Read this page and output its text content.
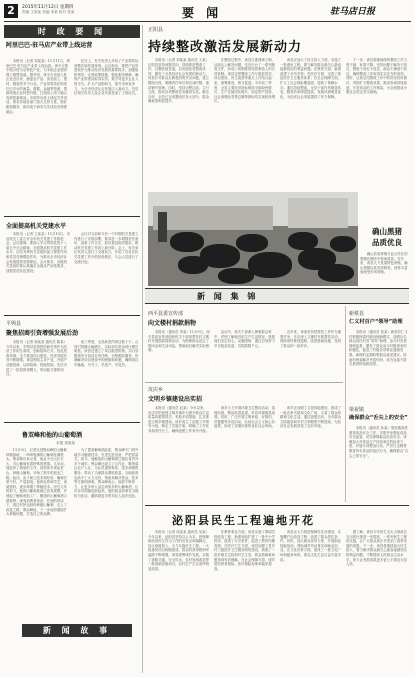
2	2015年11月12日 星期四
责编 王某某 美编 李某 校对 张某	要 闻	驻马店日报
时 政 要 闻
阿里巴巴·驻马店产业带上线运营
　　本报讯（记者 刘某某）11月11日，阿里巴巴·驻马店产业带上线运营。该平台集中展示驻马店特色产业，为本地企业提供网上销售渠道。据介绍，该平台首批入驻企业近百家，涵盖农产品、食品加工、建材、服装等多个行业。产业带将依托阿里巴巴平台的流量、数据、金融等资源，帮助传统企业转型升级，打造线上线下融合发展的新格局。市领导出席上线仪式并讲话，要求各地各部门加大支持力度，做好配套服务，推动电子商务与实体经济深度融合。
　　仪式上，有关负责人介绍了产业带的运营模式和发展规划。会议指出，要把产业带建设作为推动经济发展的重要抓手，加强组织领导，完善政策措施，强化服务保障，确保产业带建设取得实效。要引导更多企业入驻平台，扩大产品影响力，提升市场竞争力，为全市经济社会发展注入新动力。各县区相关负责人及企业代表参加了上线仪式。
全面提高机关党建水平
　　本报讯（记者 王某某）11月10日，市直机关工委召开全市机关党建工作推进会。会议强调，要深入学习贯彻党的十八届五中全会精神，全面提高机关党建工作水平，切实发挥机关党组织战斗堡垒作用和党员先锋模范作用，为推动全市经济社会发展提供坚强保证。会议要求，各级机关党组织要认真落实全面从严治党要求，加强党员队伍建设。
　　会议对当前和今后一个时期机关党建工作进行了安排部署，要求进一步增强责任意识，创新工作方法，抓好基层组织建设，推动机关党建工作再上新台阶。会上，有关单位负责人进行了交流发言，介绍了各自在机关党建工作中的经验做法，与会人员进行了交流讨论。
平舆县
聚焦招商引资增强发展后劲
　　本报讯（记者 杨某某 通讯员 陈某）今年以来，平舆县坚持把招商引资作为经济工作的生命线，创新招商方式，优化投资环境，全力推进项目建设，经济发展后劲不断增强。该县围绕主导产业，开展产业链招商、以商招商、驻地招商，先后引进了一批投资规模大、带动能力强的项目。
　　前三季度，全县新签约项目数十个，合同引资额大幅增长，实际到位资金同比增长明显。该县还建立了项目推进机制，实行县级领导分包项目责任制，全程跟踪服务，协调解决项目建设中的困难和问题，确保项目早落地、早开工、早投产、早见效。
鲁双峰和他的山葡萄酒
本报 刘某某
　　11月9日，记者走进鲁双峰的山葡萄种植基地，一串串饱满的山葡萄挂满枝头。鲁双峰告诉记者，他从小在山区长大，对山葡萄有着特殊的感情。几年前，他放弃了城里的工作，回到家乡承包荒山，种植山葡萄，开始了艰辛的创业之路。起初，由于缺乏技术和经验，葡萄长势不好，产量很低。他四处拜师学艺，查阅资料，逐步掌握了种植技术。经过几年的努力，他的山葡萄基地已初具规模，并建起了葡萄酒加工厂，酿造的山葡萄酒口感独特，深受消费者喜爱。在他的带动下，周边村民也纷纷种植山葡萄，走上了致富之路。鲁双峰说，下一步他将继续扩大种植规模，打造自己的品牌。
　　为了提高葡萄酒品质，鲁双峰专门到外地学习酿酒技术，引进先进设备，严把质量关。如今，他酿造的山葡萄酒已销往省内外多个城市。鲁双峰还成立了合作社，吸纳周边农户入社，为社员提供种苗、技术和销售服务，带动了当地群众增收致富。当地政府也给予了大力支持，帮助其解决资金、技术等方面的困难。鲁双峰表示，他将不断努力，让更多的人品尝到家乡的山葡萄酒，让乡亲们的腰包鼓起来。他的创业故事在当地传为佳话，激励着更多的年轻人返乡创业。
新 闻 故 事
正阳县
持续整改激活发展新动力
　　本报讯（记者 刘某某 通讯员 王某）正阳县坚持问题导向，持续推进整改工作，以整改促发展，以发展检验整改成效，激发了全县经济社会发展的新活力。该县针对群众反映强烈的突出问题，建立整改台账，明确责任单位和完成时限，逐项销号管理。同时，坚持边整边改、立行立改，推动各项整改任务落到实处。截至目前，全县已完成整改任务大部分，群众满意度明显提升。
　　在整改过程中，该县注重建章立制，从源头上解决问题，先后出台了一系列制度文件，形成了用制度管权管事管人的长效机制。该县还把整改工作与脱贫攻坚、项目建设、民生改善等重点工作结合起来，统筹推进，相互促进。今年前三季度，全县主要经济指标保持平稳较快增长，生产总值同比增长，固定资产投资、社会消费品零售总额等指标均实现较快增长。
　　该县还加大了民生投入力度，实施了一批惠民工程，着力解决群众最关心最直接最现实的利益问题。在教育方面，新建改建了多所学校；在医疗方面，完善了基层医疗卫生服务体系；在社会保障方面，扩大了社会保险覆盖面，提高了保障水平。通过持续整改，全县干部作风明显转变，服务效率明显提高，发展环境明显优化，为经济社会发展提供了有力保障。
　　下一步，该县将继续保持整改工作力度不减、标准不降，坚持问题不解决不放过、整改不到位不放过、群众不满意不放过，确保整改工作取得实实在在的成效。同时，认真总结整改工作中的好经验好做法，巩固扩大整改成果，推动形成持续改进、长效常治的工作格局，为全面建成小康社会奠定坚实基础。
确山黑猪
品质优良
　　确山县某养殖专业合作社的黑猪在圈舍中悠闲觅食。近年来，该县大力发展特色养殖，确山黑猪以其肉质鲜美、营养丰富而深受市场青睐。
新 闻 集 锦
西平县委宣传部
向文楼村捐款捐物
　　本报讯（通讯员 李某）11月9日，西平县委宣传部组织机关干部到帮扶村文楼村开展捐款捐物活动，为困难群众送去了慰问金和生活用品，帮助他们解决实际困难。
　　活动中，机关干部深入困难群众家中，详细了解他们的生产生活情况，鼓励他们坚定信心，克服困难，通过自身努力早日脱贫致富，共捐款数千元。
　　近年来，该部坚持把帮扶工作作为重要任务，多次深入文楼村开展帮扶活动，帮助该村修建道路、改善基础设施，受到了群众的一致好评。
新蔡县
仁义村百户“领导”助理
　　本报讯（通讯员 张某）新蔡县仁义村积极探索村级治理新模式，选聘百名群众担任村务“领导”助理，参与村务管理和监督，激发了群众参与村级事务的积极性，促进了村级各项事业健康发展。助理们定期收集群众意见建议，协助村两委解决矛盾纠纷，成为连接干群关系的桥梁和纽带。
皮店乡
文明乡镇建设出实招
　　本报讯（通讯员 赵某）今年以来，皮店乡把创建文明乡镇作为提升群众生活质量的重要抓手，采取多项措施，扎实推进文明乡镇建设。该乡成立了创建工作领导小组，制定了实施方案，明确了工作任务和责任分工，确保创建工作有序开展。
　　该乡大力开展环境卫生整治活动，清理垃圾，整治乱搭乱建，村容村貌明显改观。同时，广泛开展文明家庭、好媳妇、好婆婆等评选活动，弘扬社会主义核心价值观，形成了崇德向善的良好社会风尚。
　　该乡还加强了文化阵地建设，建成了一批农家书屋和文化广场，丰富了群众的精神文化生活。通过创建活动，全乡群众文明素质和乡村文明程度不断提高，为经济社会发展营造了良好环境。
梁祝镇
确保群众“舌尖上的安全”
　　本报讯（通讯员 孙某）梁祝镇高度重视食品安全工作，多措并举强化食品安全监管，切实保障群众饮食安全。该镇加大对食品生产经营单位的检查力度，开展专项整治行动，严厉打击制售假冒伪劣食品的违法行为，确保群众“舌尖上的安全”。
泌阳县民生工程遍地开花
　　本报讯（记者 周某某 通讯员 吴某）今年以来，泌阳县坚持以人为本，把保障和改善民生作为工作的出发点和落脚点，加大财政投入，大力实施民生工程，一大批惠民项目相继建成，群众的获得感和幸福感不断增强。该县统筹城乡发展，实施了道路交通、安全饮水、农村电网改造等一批基础设施项目，农村生产生活条件明显改善。
　　在教育事业方面，该县实施了薄弱学校改造工程，新建和改扩建了一批中小学校舍，改善了办学条件，促进了教育均衡发展。在医疗卫生方面，该县加强了县乡村三级医疗卫生服务网络建设，新建了一批乡镇卫生院和村卫生室，群众看病难问题得到有效缓解。在社会保障方面，城乡居民养老保险、医疗保险参保率稳步提高。
　　该县还大力推进保障性住房建设，实施棚户区改造工程，改善了群众居住条件。同时，加大就业扶持力度，开展职业技能培训，帮助城乡劳动者实现就业创业。在文化体育方面，建成了一批文化广场和健身场所，群众文化生活日益丰富多彩。
　　据了解，该县今年民生支出占财政总支出的比重进一步提高，一系列民生工程的实施，让广大群众真正享受到了改革发展的成果。下一步，该县将继续加大民生投入，着力解决群众最关心最直接最现实的利益问题，不断提高人民群众生活水平，努力让发展成果更多更公平惠及全县人民。
